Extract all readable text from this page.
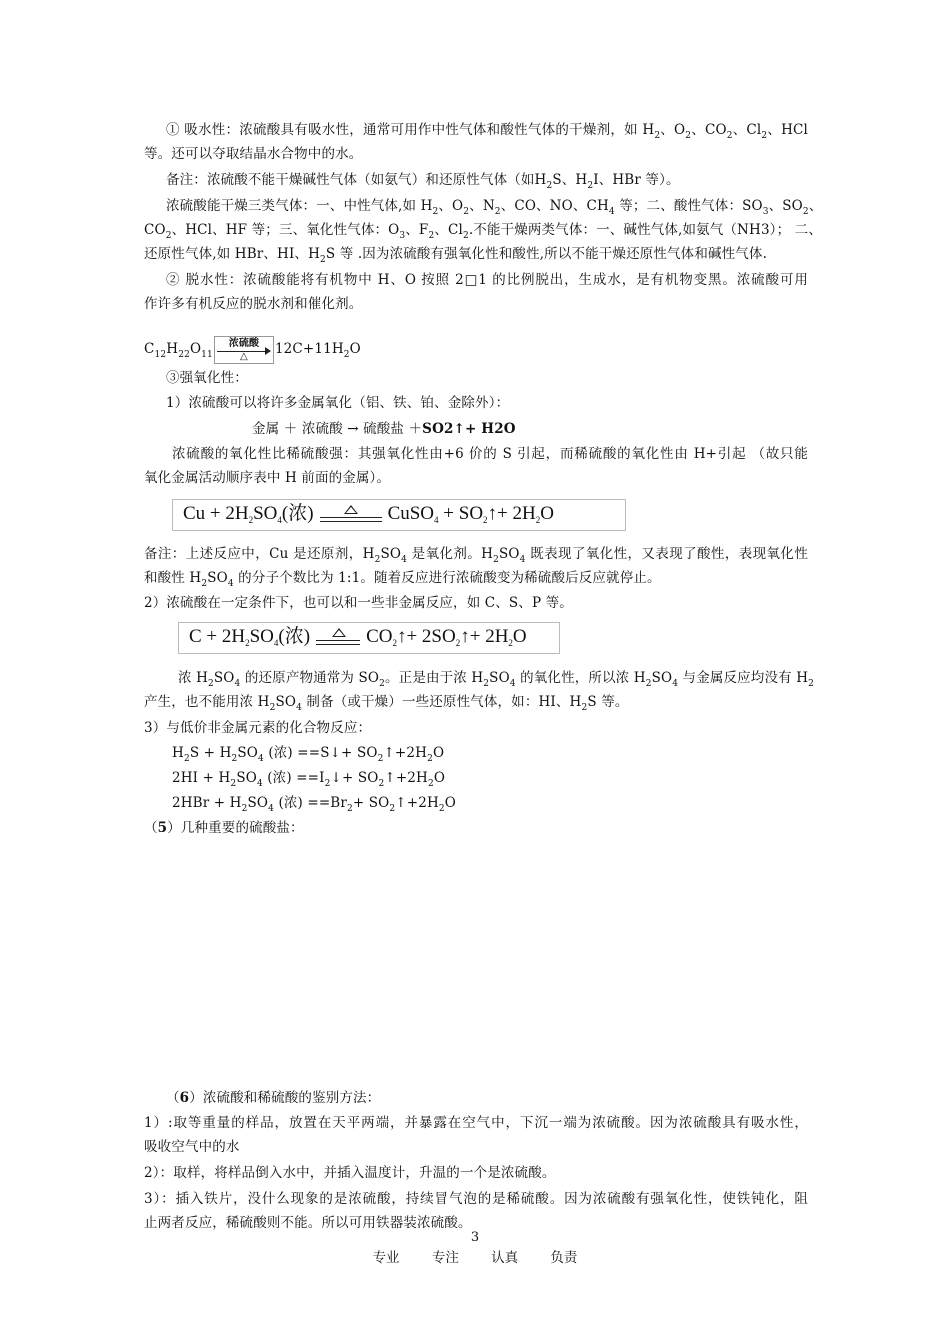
① 吸水性：浓硫酸具有吸水性，通常可用作中性气体和酸性气体的干燥剂，如 $H_2$、$O_2$、$CO_2$、$Cl_2$、HCl
等。还可以夺取结晶水合物中的水。
备注：浓硫酸不能干燥碱性气体（如氨气）和还原性气体（如$H_2S$、$H_2I$、HBr 等）。
浓硫酸能干燥三类气体：一、中性气体,如 $H_2$、$O_2$、$N_2$、CO、NO、$CH_4$ 等；二、酸性气体：$SO_3$、$SO_2$、
$CO_2$、HCl、HF 等；三、氧化性气体：$O_3$、$F_2$、$Cl_2$.不能干燥两类气体：一、碱性气体,如氨气（NH3）； 二、
还原性气体,如 HBr、HI、$H_2S$ 等 .因为浓硫酸有强氧化性和酸性,所以不能干燥还原性气体和碱性气体.
② 脱水性：浓硫酸能将有机物中 H、O 按照 2□1 的比例脱出，生成水，是有机物变黑。浓硫酸可用
作许多有机反应的脱水剂和催化剂。
③强氧化性：
1）浓硫酸可以将许多金属氧化（铝、铁、铂、金除外）：
金属 ＋ 浓硫酸 → 硫酸盐 ＋SO2↑+ H2O
浓硫酸的氧化性比稀硫酸强：其强氧化性由+6 价的 S 引起，而稀硫酸的氧化性由 H+引起 （故只能
氧化金属活动顺序表中 H 前面的金属）。
备注：上述反应中，Cu 是还原剂，$H_2SO_4$ 是氧化剂。$H_2SO_4$ 既表现了氧化性，又表现了酸性，表现氧化性
和酸性 $H_2SO_4$ 的分子个数比为 1:1。随着反应进行浓硫酸变为稀硫酸后反应就停止。
2）浓硫酸在一定条件下，也可以和一些非金属反应，如 C、S、P 等。
浓 $H_2SO_4$ 的还原产物通常为 $SO_2$。正是由于浓 $H_2SO_4$ 的氧化性，所以浓 $H_2SO_4$ 与金属反应均没有 $H_2$
产生，也不能用浓 $H_2SO_4$ 制备（或干燥）一些还原性气体，如：HI、$H_2S$ 等。
3）与低价非金属元素的化合物反应：
$H_2S + H_2SO_4$ (浓) ==S↓+ $SO_2↑+2H_2O$
$2HI + H_2SO_4$ (浓) $==I_2↓+$ $SO_2↑+2H_2O$
$2HBr + H_2SO_4$ (浓) $==Br_2+$ $SO_2↑+2H_2O$
（5）几种重要的硫酸盐：
（6）浓硫酸和稀硫酸的鉴别方法：
1）:取等重量的样品，放置在天平两端，并暴露在空气中，下沉一端为浓硫酸。因为浓硫酸具有吸水性，
吸收空气中的水
2）：取样，将样品倒入水中，并插入温度计，升温的一个是浓硫酸。
3）：插入铁片，没什么现象的是浓硫酸，持续冒气泡的是稀硫酸。因为浓硫酸有强氧化性，使铁钝化，阻
止两者反应，稀硫酸则不能。所以可用铁器装浓硫酸。
$C_{12}H_{22}O_{11}$
浓硫酸
△	$12C+11H_2O$
$Cu + 2H_2SO_4$(浓)	CuSO$_4$ + $SO_2↑+ 2H_2O$
$C + 2H_2SO_4$(浓)	$CO_2↑+$ $2SO_2↑+ 2H_2O$
3
专业 专注 认真 负责
